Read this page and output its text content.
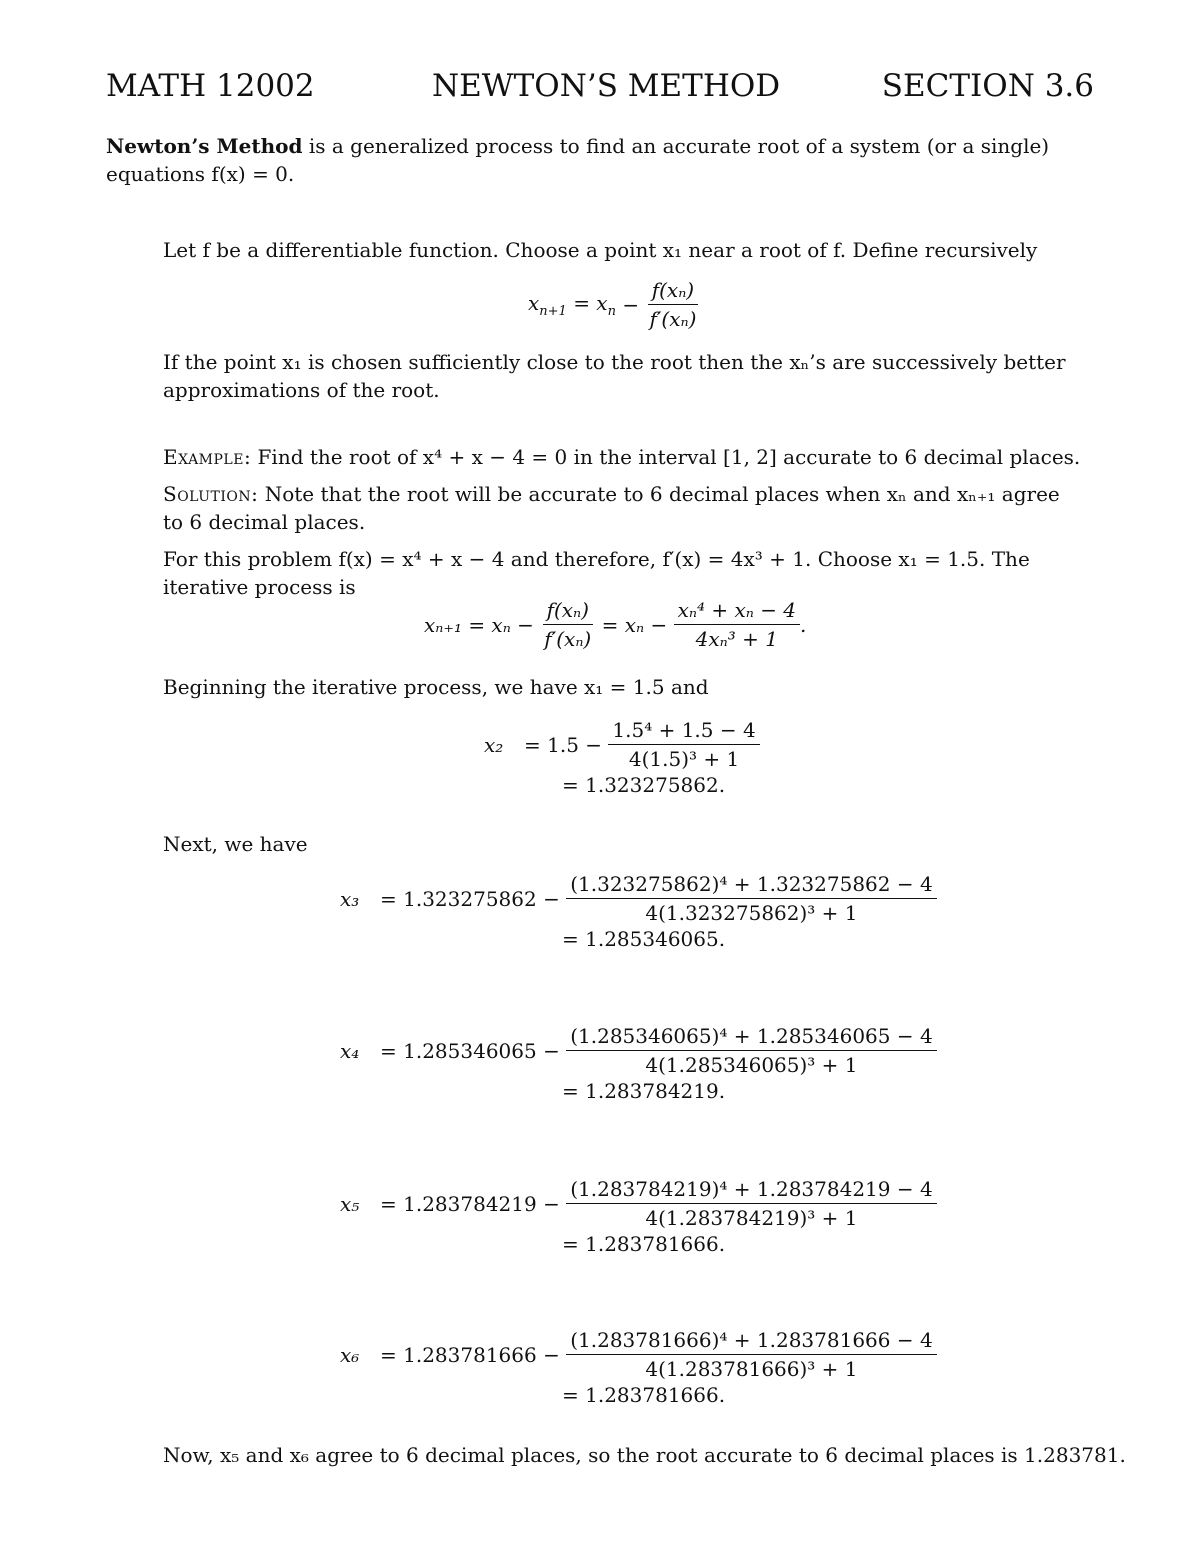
MATH 12002	NEWTON’S METHOD	SECTION 3.6
Newton’s Method is a generalized process to find an accurate root of a system (or a single)
equations f(x) = 0.
Let f be a differentiable function. Choose a point x₁ near a root of f. Define recursively
$x_{n+1}$
= $x_n$
−
$\frac{\text{f(xₙ)}}{\text{f′(xₙ)}}$
If the point x₁ is chosen sufficiently close to the root then the xₙ’s are successively better
approximations of the root.
Example: Find the root of x⁴ + x − 4 = 0 in the interval [1, 2] accurate to 6 decimal places.
Solution: Note that the root will be accurate to 6 decimal places when xₙ and xₙ₊₁ agree
to 6 decimal places.
For this problem f(x) = x⁴ + x − 4 and therefore, f′(x) = 4x³ + 1. Choose x₁ = 1.5. The
iterative process is
xₙ₊₁ = xₙ −
$\frac{\text{f(xₙ)}}{\text{f′(xₙ)}}$
= xₙ −
$\frac{\text{xₙ⁴ + xₙ − 4}}{\text{4xₙ³ + 1}}$ .
Beginning the iterative process, we have x₁ = 1.5 and
x₂	= 1.5 −
$\frac{\text{1.5⁴ + 1.5 − 4}}{\text{4(1.5)³ + 1}}$
= 1.323275862.
Next, we have
x₃	= 1.323275862 −
$\frac{\text{(1.323275862)⁴ + 1.323275862 − 4}}{\text{4(1.323275862)³ + 1}}$
= 1.285346065.
x₄	= 1.285346065 −
$\frac{\text{(1.285346065)⁴ + 1.285346065 − 4}}{\text{4(1.285346065)³ + 1}}$
= 1.283784219.
x₅	= 1.283784219 −
$\frac{\text{(1.283784219)⁴ + 1.283784219 − 4}}{\text{4(1.283784219)³ + 1}}$
= 1.283781666.
x₆	= 1.283781666 −
$\frac{\text{(1.283781666)⁴ + 1.283781666 − 4}}{\text{4(1.283781666)³ + 1}}$
= 1.283781666.
Now, x₅ and x₆ agree to 6 decimal places, so the root accurate to 6 decimal places is 1.283781.
